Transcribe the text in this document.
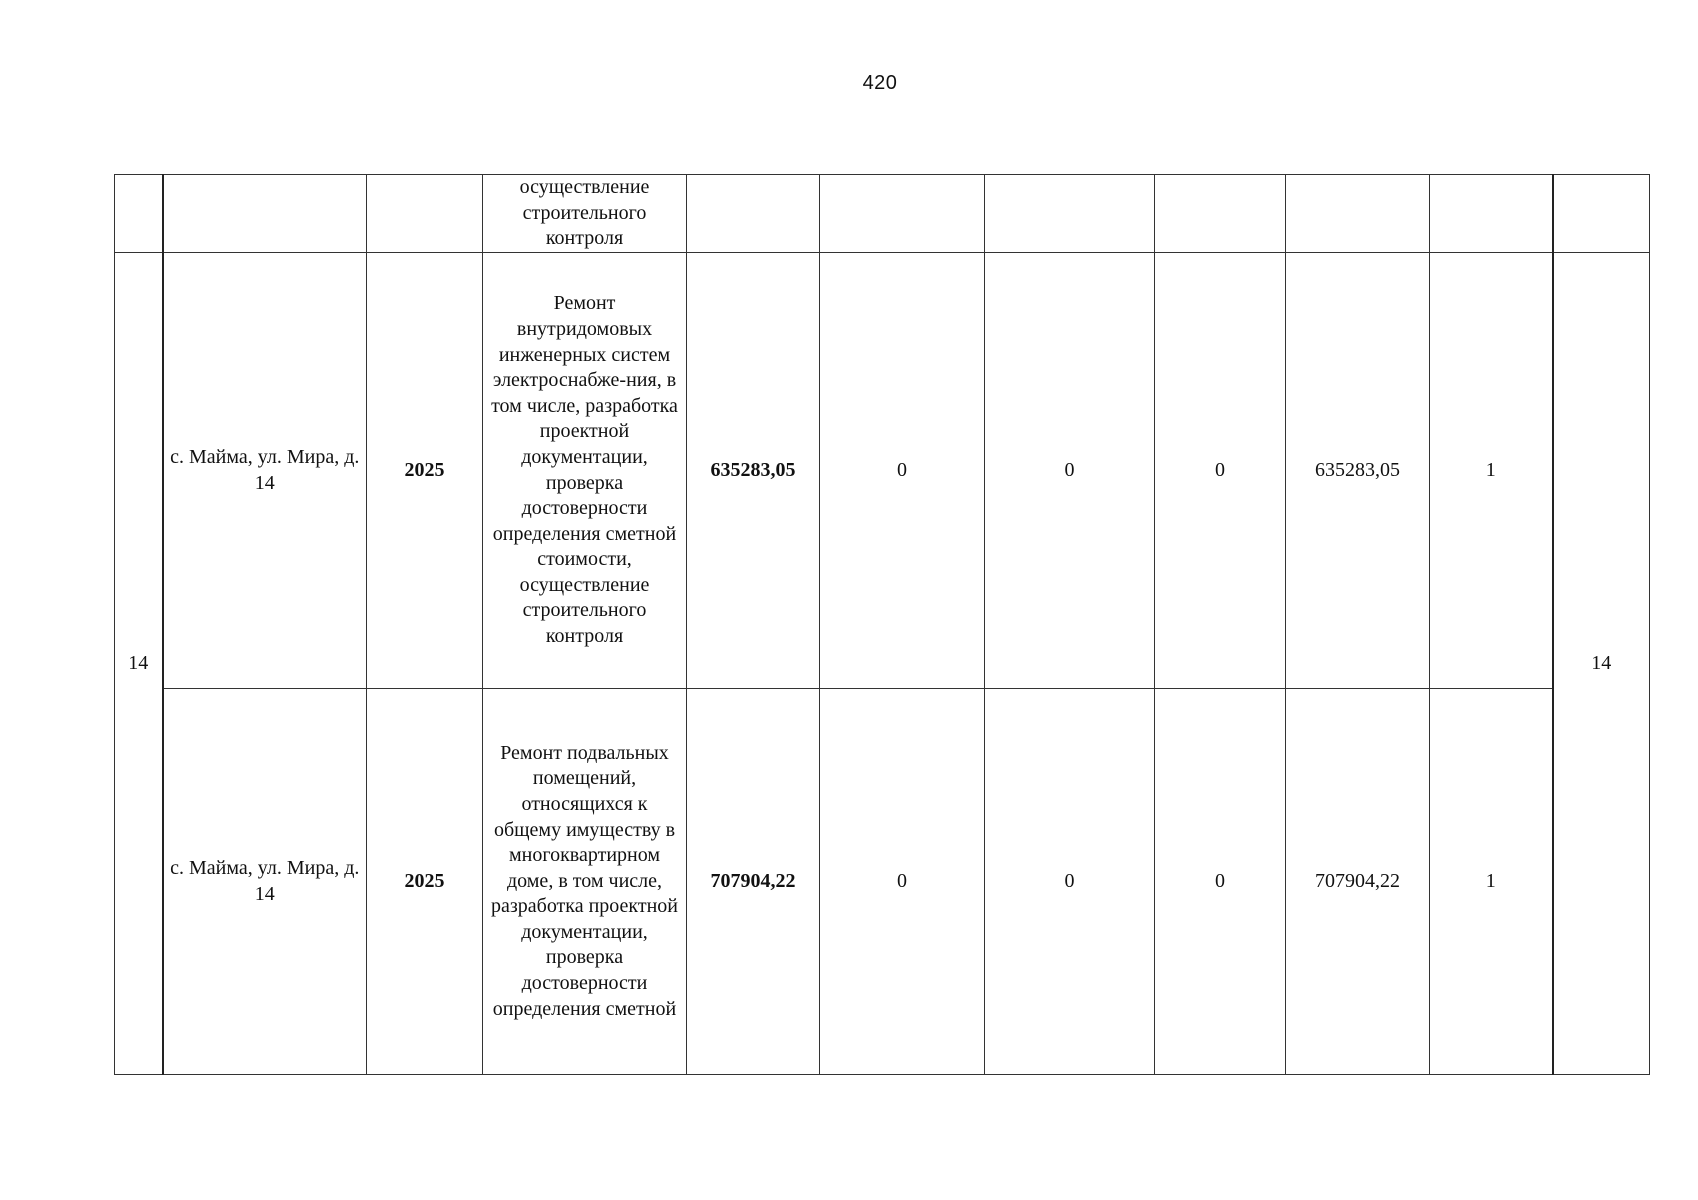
420
			осуществление строительного контроля							
14	с. Майма, ул. Мира, д. 14	2025	Ремонт внутридомовых инженерных систем электроснабже-ния, в том числе, разработка проектной документации, проверка достоверности определения сметной стоимости, осуществление строительного контроля	635283,05	0	0	0	635283,05	1	14
	с. Майма, ул. Мира, д. 14	2025	Ремонт подвальных помещений, относящихся к общему имуществу в многоквартирном доме, в том числе, разработка проектной документации, проверка достоверности определения сметной	707904,22	0	0	0	707904,22	1	
